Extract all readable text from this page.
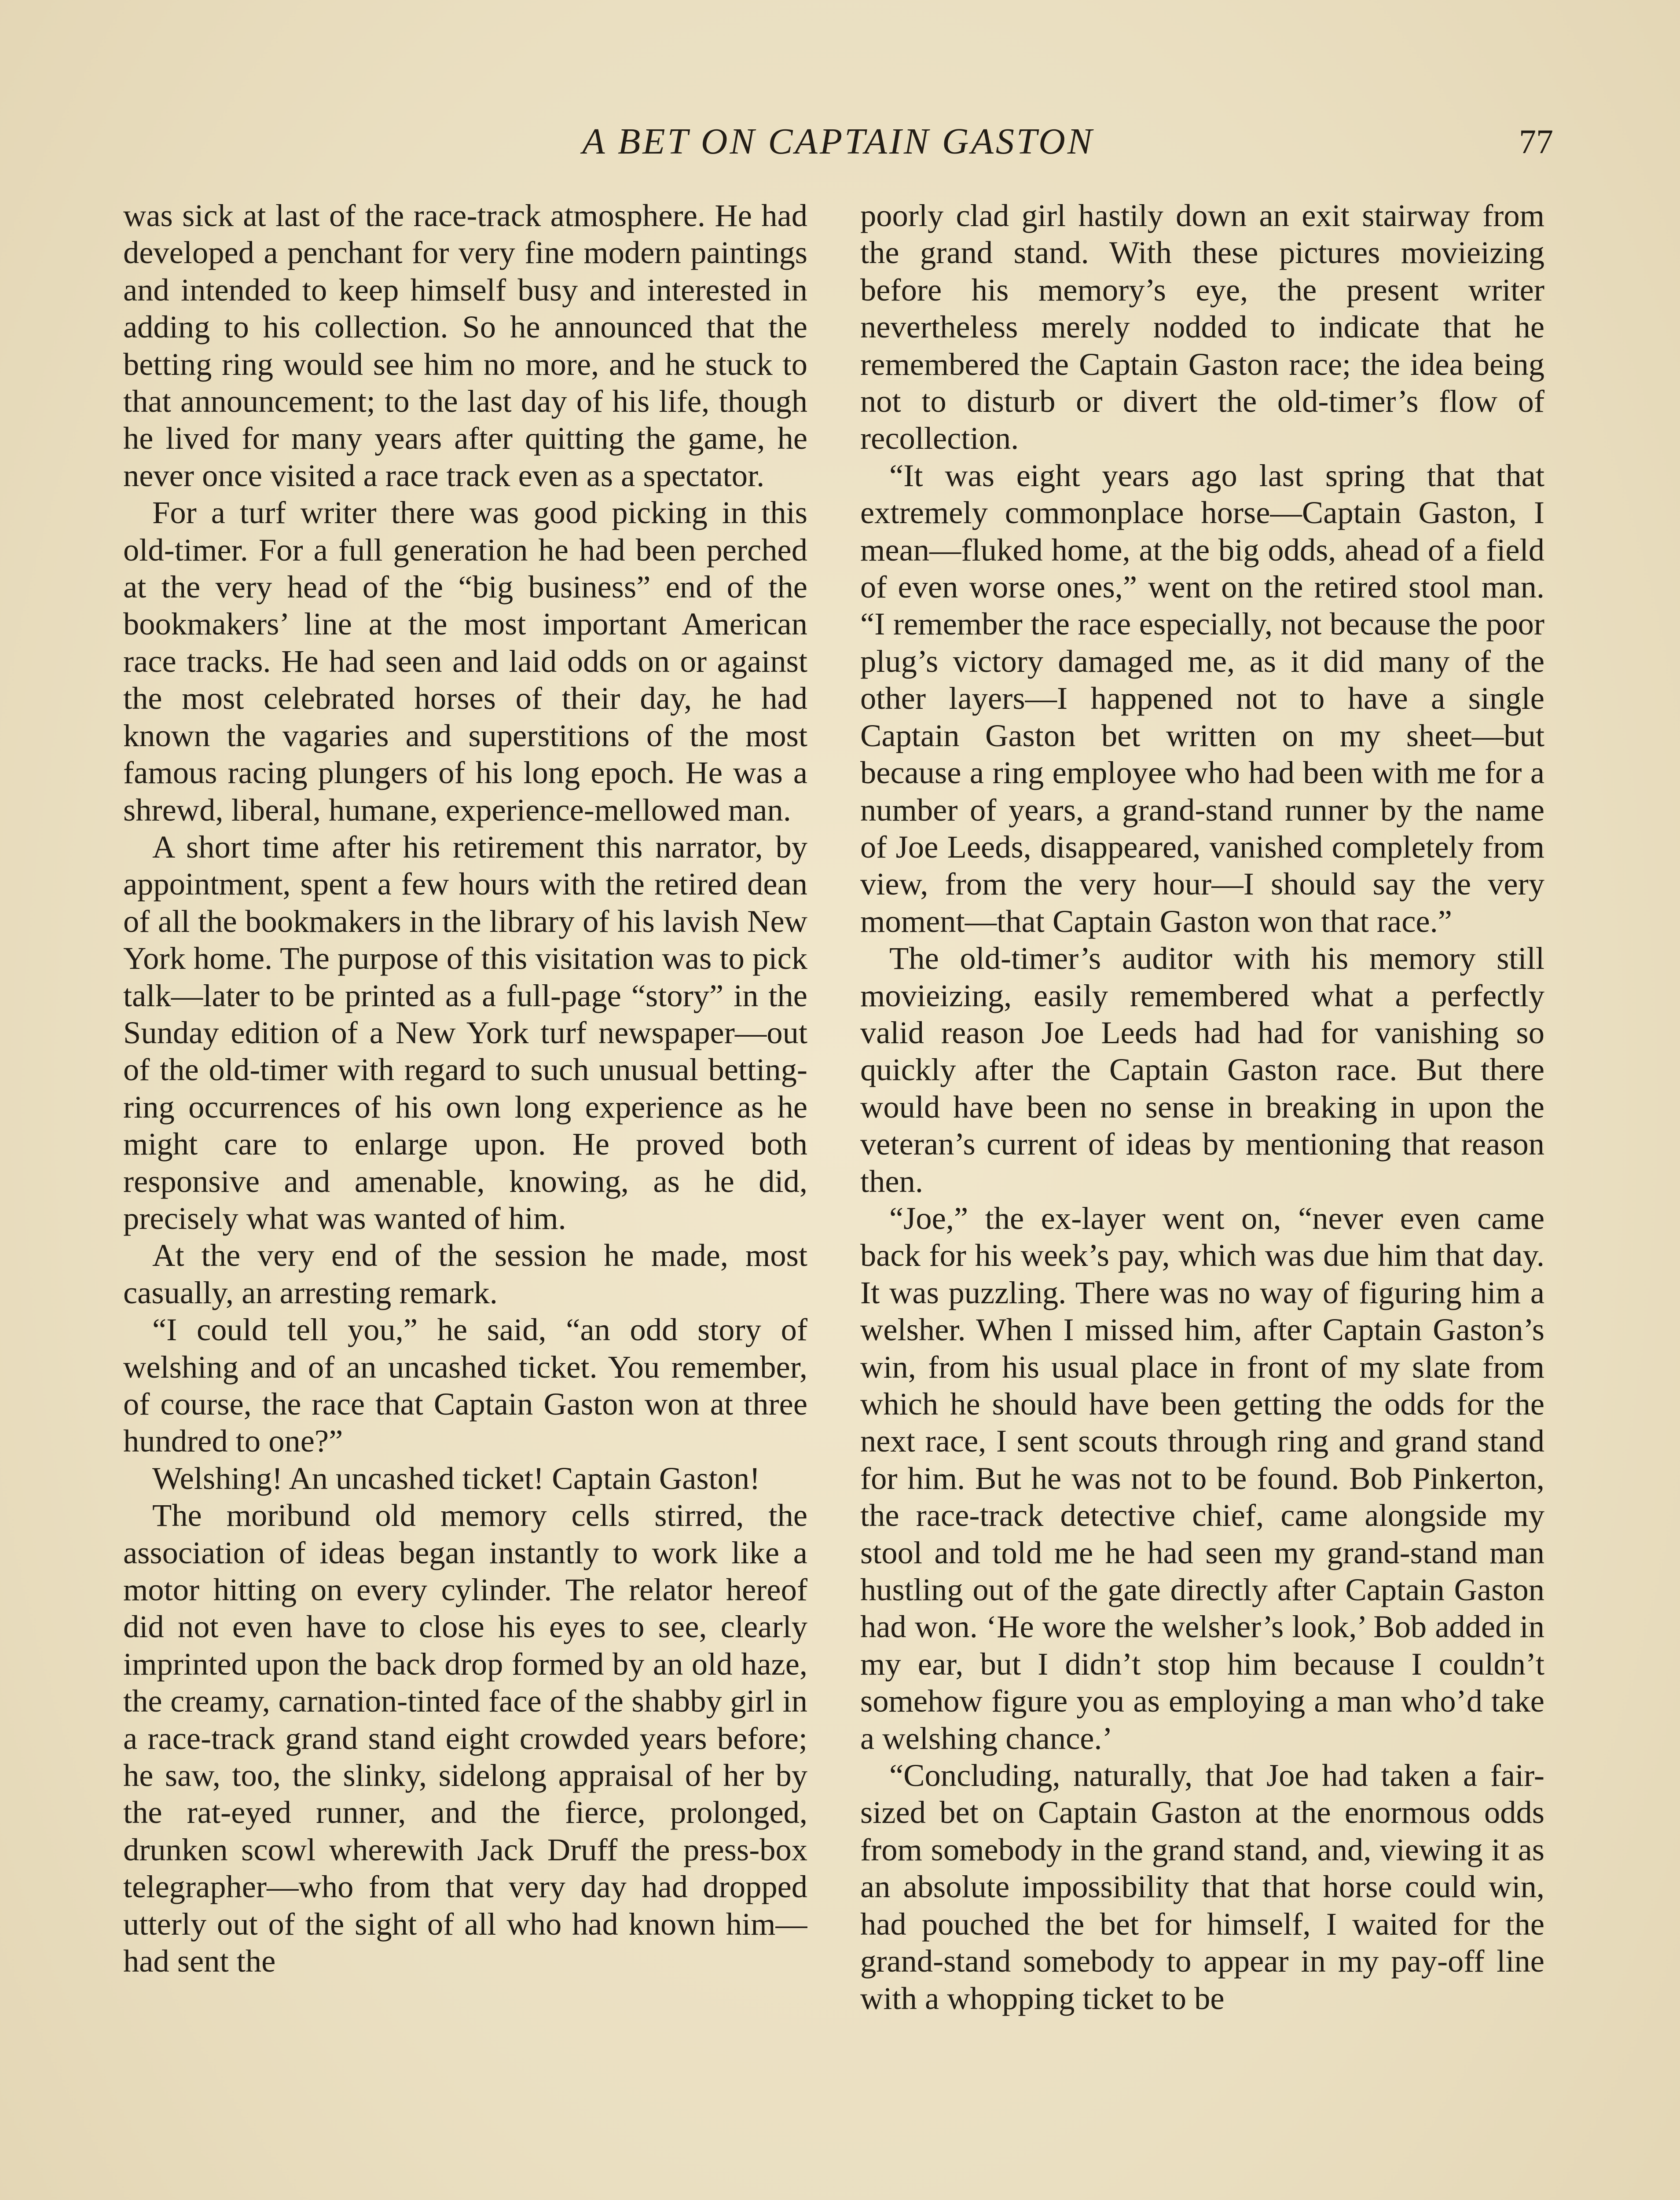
A BET ON CAPTAIN GASTON	77

was sick at last of the race-track atmosphere. He had developed a penchant for very fine modern paintings and intended to keep himself busy and interested in adding to his collection. So he announced that the betting ring would see him no more, and he stuck to that announcement; to the last day of his life, though he lived for many years after quitting the game, he never once visited a race track even as a spectator.

For a turf writer there was good picking in this old-timer. For a full generation he had been perched at the very head of the “big business” end of the bookmakers’ line at the most important American race tracks. He had seen and laid odds on or against the most celebrated horses of their day, he had known the vagaries and superstitions of the most famous racing plungers of his long epoch. He was a shrewd, liberal, humane, experience-mellowed man.

A short time after his retirement this narrator, by appointment, spent a few hours with the retired dean of all the bookmakers in the library of his lavish New York home. The purpose of this visitation was to pick talk—later to be printed as a full-page “story” in the Sunday edition of a New York turf newspaper—out of the old-timer with regard to such unusual betting-ring occurrences of his own long experience as he might care to enlarge upon. He proved both responsive and amenable, knowing, as he did, precisely what was wanted of him.

At the very end of the session he made, most casually, an arresting remark.

“I could tell you,” he said, “an odd story of welshing and of an uncashed ticket. You remember, of course, the race that Captain Gaston won at three hundred to one?”

Welshing! An uncashed ticket! Captain Gaston!

The moribund old memory cells stirred, the association of ideas began instantly to work like a motor hitting on every cylinder. The relator hereof did not even have to close his eyes to see, clearly imprinted upon the back drop formed by an old haze, the creamy, carnation-tinted face of the shabby girl in a race-track grand stand eight crowded years before; he saw, too, the slinky, sidelong appraisal of her by the rat-eyed runner, and the fierce, prolonged, drunken scowl wherewith Jack Druff the press-box telegrapher—who from that very day had dropped utterly out of the sight of all who had known him—had sent the

poorly clad girl hastily down an exit stairway from the grand stand. With these pictures movieizing before his memory’s eye, the present writer nevertheless merely nodded to indicate that he remembered the Captain Gaston race; the idea being not to disturb or divert the old-timer’s flow of recollection.

“It was eight years ago last spring that that extremely commonplace horse—Captain Gaston, I mean—fluked home, at the big odds, ahead of a field of even worse ones,” went on the retired stool man. “I remember the race especially, not because the poor plug’s victory damaged me, as it did many of the other layers—I happened not to have a single Captain Gaston bet written on my sheet—but because a ring employee who had been with me for a number of years, a grand-stand runner by the name of Joe Leeds, disappeared, vanished completely from view, from the very hour—I should say the very moment—that Captain Gaston won that race.”

The old-timer’s auditor with his memory still movieizing, easily remembered what a perfectly valid reason Joe Leeds had had for vanishing so quickly after the Captain Gaston race. But there would have been no sense in breaking in upon the veteran’s current of ideas by mentioning that reason then.

“Joe,” the ex-layer went on, “never even came back for his week’s pay, which was due him that day. It was puzzling. There was no way of figuring him a welsher. When I missed him, after Captain Gaston’s win, from his usual place in front of my slate from which he should have been getting the odds for the next race, I sent scouts through ring and grand stand for him. But he was not to be found. Bob Pinkerton, the race-track detective chief, came alongside my stool and told me he had seen my grand-stand man hustling out of the gate directly after Captain Gaston had won. ‘He wore the welsher’s look,’ Bob added in my ear, but I didn’t stop him because I couldn’t somehow figure you as employing a man who’d take a welshing chance.’

“Concluding, naturally, that Joe had taken a fair-sized bet on Captain Gaston at the enormous odds from somebody in the grand stand, and, viewing it as an absolute impossibility that that horse could win, had pouched the bet for himself, I waited for the grand-stand somebody to appear in my pay-off line with a whopping ticket to be
